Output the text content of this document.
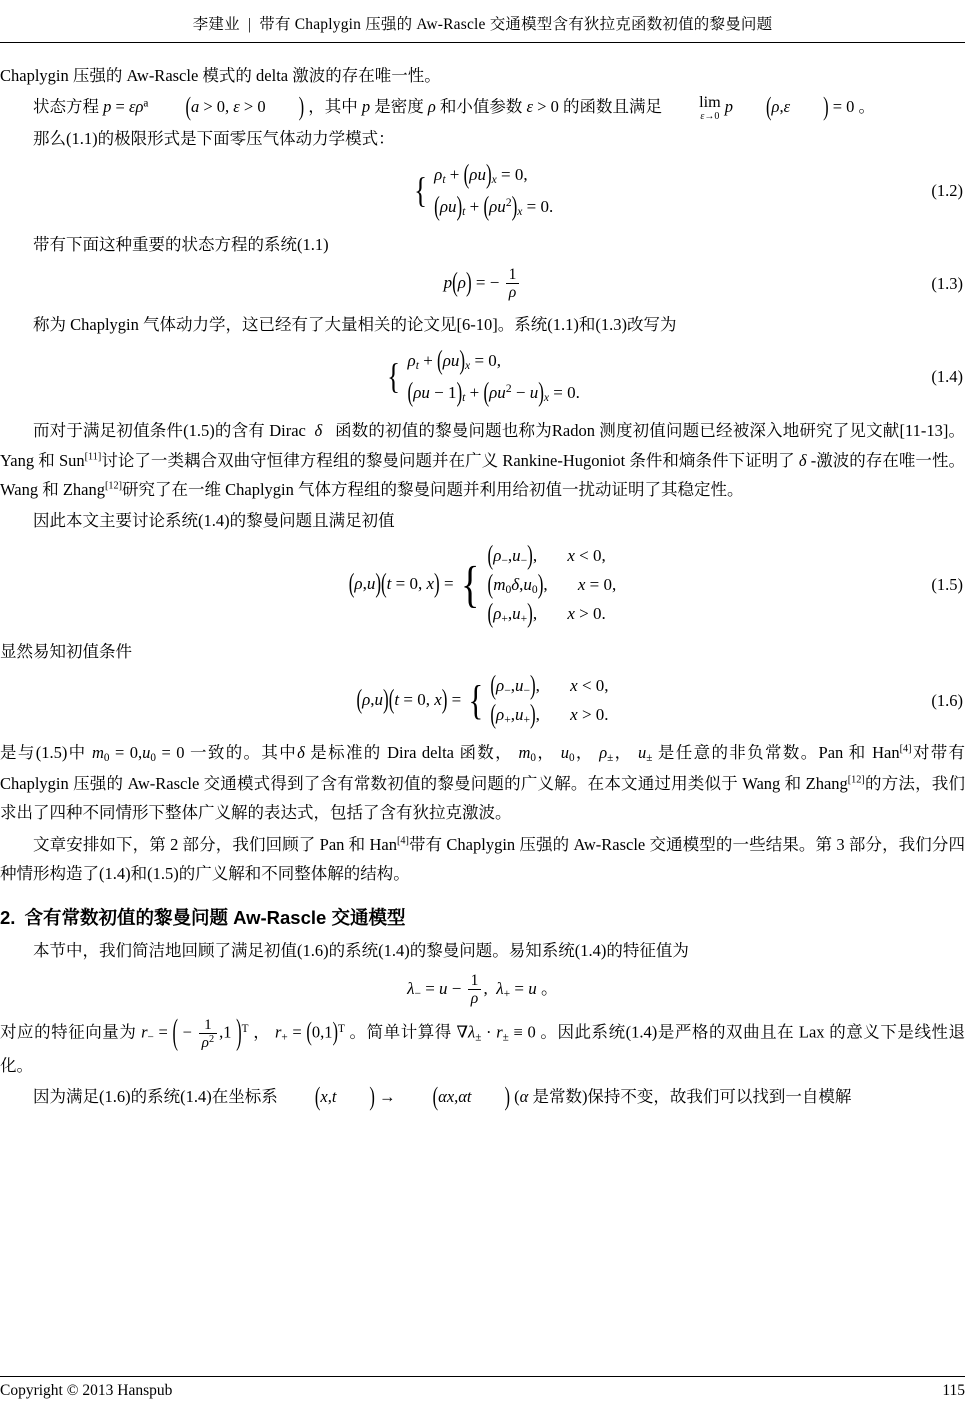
李建业 | 带有 Chaplygin 压强的 Aw-Rascle 交通模型含有狄拉克函数初值的黎曼问题

Chaplygin 压强的 Aw-Rascle 模式的 delta 激波的存在唯一性。

状态方程 $p = \varepsilon\rho^a$ (a > 0, ε > 0 ) ，其中 p 是密度 ρ 和小值参数 ε > 0 的函数且满足	lim
ε→0 p (ρ,ε ) = 0 。

那么(1.1)的极限形式是下面零压气体动力学模式：

{ $\rho_t + (\rho u)_x = 0$,
$(\rho u)_t + (\rho u^2)_x = 0$.
(1.2)

带有下面这种重要的状态方程的系统(1.1)

p(ρ) = − $\frac{1}{\rho}$	(1.3)

称为 Chaplygin 气体动力学，这已经有了大量相关的论文见[6-10]。系统(1.1)和(1.3)改写为

{ $\rho_t + (\rho u)_x = 0$,
$(\rho u - 1)_t + (\rho u^2 - u)_x = 0$.
(1.4)

而对于满足初值条件(1.5)的含有 Dirac  δ   函数的初值的黎曼问题也称为Radon 测度初值问题已经被深入地研究了见文献[11-13]。Yang 和 Sun[11]讨论了一类耦合双曲守恒律方程组的黎曼问题并在广义 Rankine-Hugoniot 条件和熵条件下证明了 δ -激波的存在唯一性。Wang 和 Zhang[12]研究了在一维 Chaplygin 气体方程组的黎曼问题并利用给初值一扰动证明了其稳定性。

因此本文主要讨论系统(1.4)的黎曼问题且满足初值

(ρ,u)(t = 0, x) = {
(ρ−,u−), x < 0,
(m0δ,u0), x = 0,
(ρ+,u+), x > 0.
(1.5)

显然易知初值条件

(ρ,u)(t = 0, x) = { (ρ−,u−), x < 0,
(ρ+,u+), x > 0.
(1.6)

是与(1.5)中 m0 = 0,u0 = 0 一致的。其中δ 是标准的 Dira delta 函数， m0， u0， ρ±， u± 是任意的非负常数。Pan 和 Han[4]对带有 Chaplygin 压强的 Aw-Rascle 交通模式得到了含有常数初值的黎曼问题的广义解。在本文通过用类似于 Wang 和 Zhang[12]的方法，我们求出了四种不同情形下整体广义解的表达式，包括了含有狄拉克激波。

文章安排如下，第 2 部分，我们回顾了 Pan 和 Han[4]带有 Chaplygin 压强的 Aw-Rascle 交通模型的一些结果。第 3 部分，我们分四种情形构造了(1.4)和(1.5)的广义解和不同整体解的结构。

2. 含有常数初值的黎曼问题 Aw-Rascle 交通模型

本节中，我们简洁地回顾了满足初值(1.6)的系统(1.4)的黎曼问题。易知系统(1.4)的特征值为

$\lambda- = u - \frac{1}{\rho}$ ,  λ+ = u 。

对应的特征向量为 r− = ( − $\frac{1}{\rho^2} ,1$ )$^T$ ， $r+ = (0,1)^T$ 。简单计算得 ∇λ± · r± ≡ 0 。因此系统(1.4)是严格的双曲且在 Lax 的意义下是线性退化。

因为满足(1.6)的系统(1.4)在坐标系 (x,t ) → (αx,αt ) (α 是常数)保持不变，故我们可以找到一自模解

Copyright © 2013 Hanspub	115
